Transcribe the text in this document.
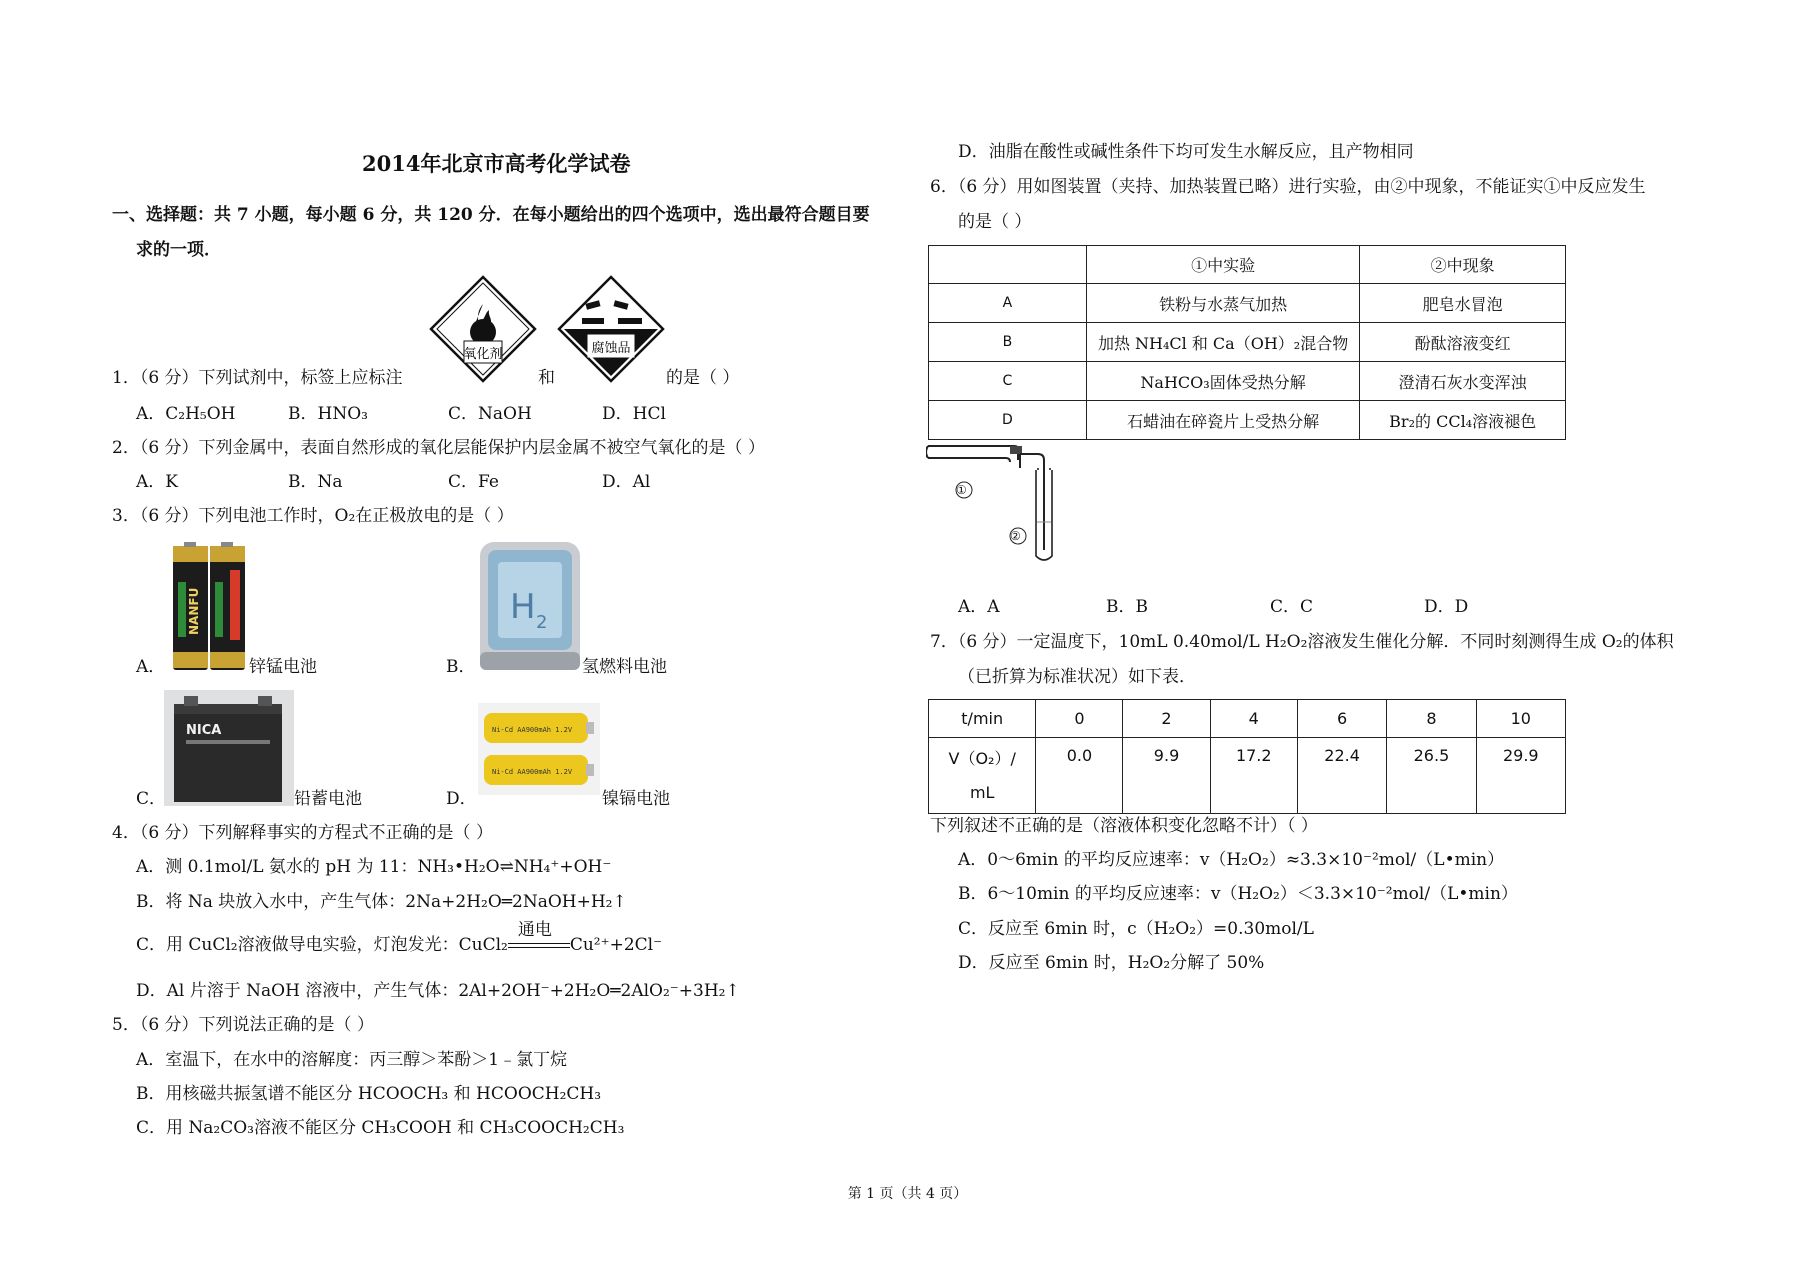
2014年北京市高考化学试卷
一、选择题：共 7 小题，每小题 6 分，共 120 分．在每小题给出的四个选项中，选出最符合题目要
求的一项．
氧化剂	腐蚀品
1．（6 分）下列试剂中，标签上应标注	和	的是（ ）
A．C₂H₅OH	B．HNO₃	C．NaOH	D．HCl
2．（6 分）下列金属中，表面自然形成的氧化层能保护内层金属不被空气氧化的是（ ）
A．K	B．Na	C．Fe	D．Al
3．（6 分）下列电池工作时，O₂在正极放电的是（ ）
NANFU
A．	锌锰电池
H 2
B．	氢燃料电池
NICA
C．	铅蓄电池
Ni-Cd AA900mAh 1.2V
Ni-Cd AA900mAh 1.2V
D．	镍镉电池
4．（6 分）下列解释事实的方程式不正确的是（ ）
A．测 0.1mol/L 氨水的 pH 为 11：NH₃•H₂O⇌NH₄⁺+OH⁻
B．将 Na 块放入水中，产生气体：2Na+2H₂O═2NaOH+H₂↑
C．用 CuCl₂溶液做导电实验，灯泡发光：CuCl₂
通电
Cu²⁺+2Cl⁻
D．Al 片溶于 NaOH 溶液中，产生气体：2Al+2OH⁻+2H₂O═2AlO₂⁻+3H₂↑
5．（6 分）下列说法正确的是（ ）
A．室温下，在水中的溶解度：丙三醇＞苯酚＞1﹣氯丁烷
B．用核磁共振氢谱不能区分 HCOOCH₃ 和 HCOOCH₂CH₃
C．用 Na₂CO₃溶液不能区分 CH₃COOH 和 CH₃COOCH₂CH₃
D．油脂在酸性或碱性条件下均可发生水解反应，且产物相同
6．（6 分）用如图装置（夹持、加热装置已略）进行实验，由②中现象，不能证实①中反应发生
的是（ ）
	①中实验	②中现象
A	铁粉与水蒸气加热	肥皂水冒泡
B	加热 NH₄Cl 和 Ca（OH）₂混合物	酚酞溶液变红
C	NaHCO₃固体受热分解	澄清石灰水变浑浊
D	石蜡油在碎瓷片上受热分解	Br₂的 CCl₄溶液褪色
①
②
A．A	B．B	C．C	D．D
7．（6 分）一定温度下，10mL 0.40mol/L H₂O₂溶液发生催化分解．不同时刻测得生成 O₂的体积
（已折算为标准状况）如下表．
t/min	0	2	4	6	8	10
V（O₂）/
mL	0.0	9.9	17.2	22.4	26.5	29.9
下列叙述不正确的是（溶液体积变化忽略不计）（ ）
A．0～6min 的平均反应速率：v（H₂O₂）≈3.3×10⁻²mol/（L•min）
B．6～10min 的平均反应速率：v（H₂O₂）＜3.3×10⁻²mol/（L•min）
C．反应至 6min 时，c（H₂O₂）=0.30mol/L
D．反应至 6min 时，H₂O₂分解了 50%
第 1 页（共 4 页）
